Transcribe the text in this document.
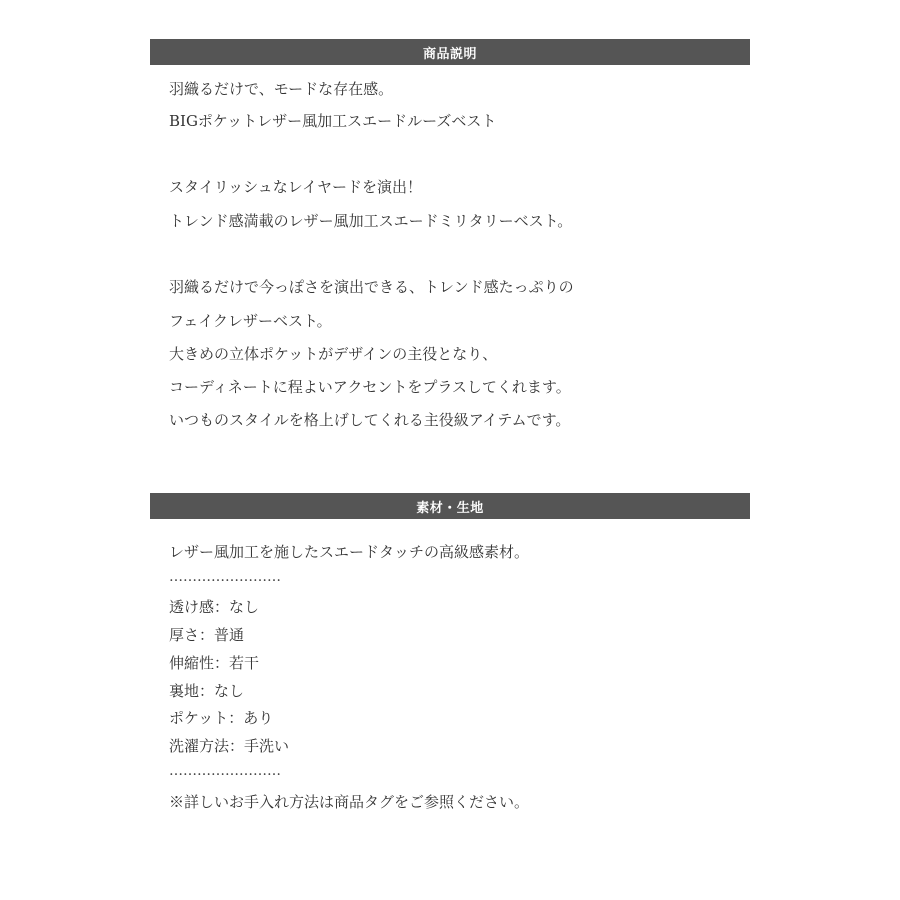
商品説明
羽織るだけで、モードな存在感。
BIGポケットレザー風加工スエードルーズベスト
スタイリッシュなレイヤードを演出！
トレンド感満載のレザー風加工スエードミリタリーベスト。
羽織るだけで今っぽさを演出できる、トレンド感たっぷりの
フェイクレザーベスト。
大きめの立体ポケットがデザインの主役となり、
コーディネートに程よいアクセントをプラスしてくれます。
いつものスタイルを格上げしてくれる主役級アイテムです。
素材・生地
レザー風加工を施したスエードタッチの高級感素材。
……………………
透け感：なし
厚さ：普通
伸縮性：若干
裏地：なし
ポケット：あり
洗濯方法：手洗い
……………………
※詳しいお手入れ方法は商品タグをご参照ください。
